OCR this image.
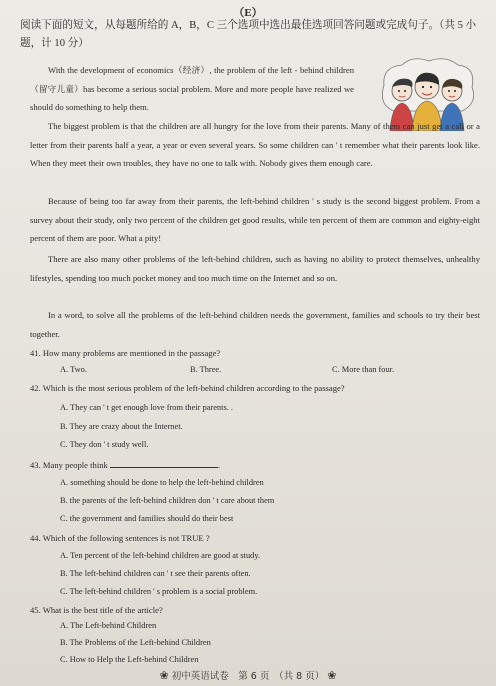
（E）
阅读下面的短文，从每题所给的 A，B，C 三个选项中选出最佳选项回答问题或完成句子。（共 5 小题，计 10 分）
With the development of economics（经济）, the problem of the left - behind children（留守儿童）has become a serious social problem. More and more people have realized we should do something to help them.
The biggest problem is that the children are all hungry for the love from their parents. Many of them can just get a call or a letter from their parents half a year, a year or even several years. So some children can ' t remember what their parents look like. When they meet their own troubles, they have no one to talk with. Nobody gives them enough care.
Because of being too far away from their parents, the left-behind children ' s study is the second biggest problem. From a survey about their study, only two percent of the children get good results, while ten percent of them are common and eighty-eight percent of them are poor. What a pity!
There are also many other problems of the left-behind children, such as having no ability to protect themselves, unhealthy lifestyles, spending too much pocket money and too much time on the Internet and so on.
In a word, to solve all the problems of the left-behind children needs the government, families and schools to try their best together.
41. How many problems are mentioned in the passage?
A. Two.	B. Three.	C. More than four.
42. Which is the most serious problem of the left-behind children according to the passage?
A. They can ' t get enough love from their parents. .
B. They are crazy about the Internet.
C. They don ' t study well.
43. Many people think	.
A. something should be done to help the left-behind children
B. the parents of the left-behind children don ' t care about them
C. the government and families should do their best
44. Which of the following sentences is not TRUE ?
A. Ten percent of the left-behind children are good at study.
B. The left-behind children can ' t see their parents often.
C. The left-behind children ' s problem is a social problem.
45. What is the best title of the article?
A. The Left-behind Children
B. The Problems of the Left-behind Children
C. How to Help the Left-behind Children
❀ 初中英语试卷　第 6 页　（共 8 页） ❀
